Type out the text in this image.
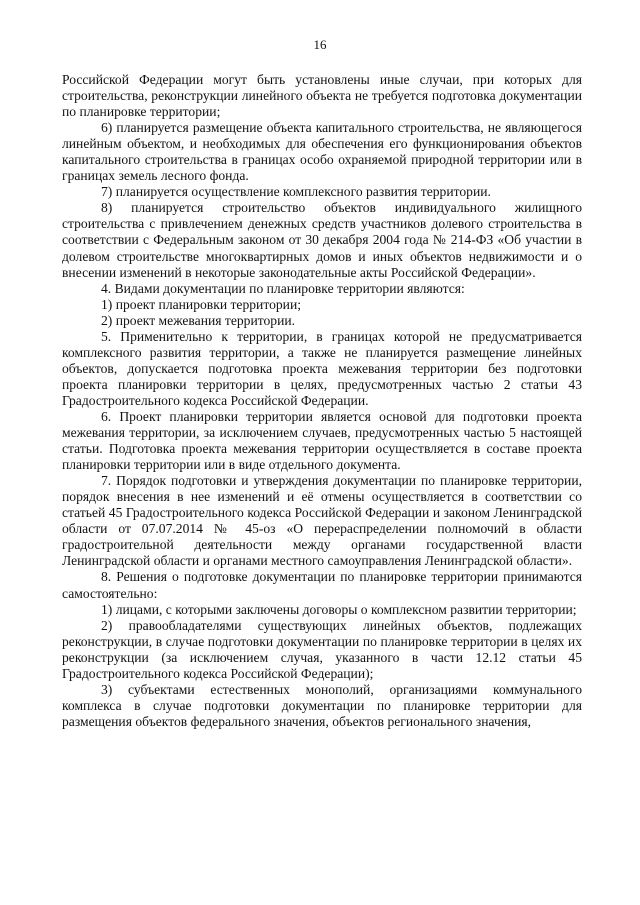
16

Российской Федерации могут быть установлены иные случаи, при которых для строительства, реконструкции линейного объекта не требуется подготовка документации по планировке территории;

6) планируется размещение объекта капитального строительства, не являющегося линейным объектом, и необходимых для обеспечения его функционирования объектов капитального строительства в границах особо охраняемой природной территории или в границах земель лесного фонда.

7) планируется осуществление комплексного развития территории.

8) планируется строительство объектов индивидуального жилищного строительства с привлечением денежных средств участников долевого строительства в соответствии с Федеральным законом от 30 декабря 2004 года № 214-ФЗ «Об участии в долевом строительстве многоквартирных домов и иных объектов недвижимости и о внесении изменений в некоторые законодательные акты Российской Федерации».

4. Видами документации по планировке территории являются:

1) проект планировки территории;

2) проект межевания территории.

5. Применительно к территории, в границах которой не предусматривается комплексного развития территории, а также не планируется размещение линейных объектов, допускается подготовка проекта межевания территории без подготовки проекта планировки территории в целях, предусмотренных частью 2 статьи 43 Градостроительного кодекса Российской Федерации.

6. Проект планировки территории является основой для подготовки проекта межевания территории, за исключением случаев, предусмотренных частью 5 настоящей статьи. Подготовка проекта межевания территории осуществляется в составе проекта планировки территории или в виде отдельного документа.

7. Порядок подготовки и утверждения документации по планировке территории, порядок внесения в нее изменений и её отмены осуществляется в соответствии со статьей 45 Градостроительного кодекса Российской Федерации и законом Ленинградской области от 07.07.2014 № 45-оз «О перераспределении полномочий в области градостроительной деятельности между органами государственной власти Ленинградской области и органами местного самоуправления Ленинградской области».

8. Решения о подготовке документации по планировке территории принимаются самостоятельно:

1) лицами, с которыми заключены договоры о комплексном развитии территории;

2) правообладателями существующих линейных объектов, подлежащих реконструкции, в случае подготовки документации по планировке территории в целях их реконструкции (за исключением случая, указанного в части 12.12 статьи 45 Градостроительного кодекса Российской Федерации);

3) субъектами естественных монополий, организациями коммунального комплекса в случае подготовки документации по планировке территории для размещения объектов федерального значения, объектов регионального значения,
